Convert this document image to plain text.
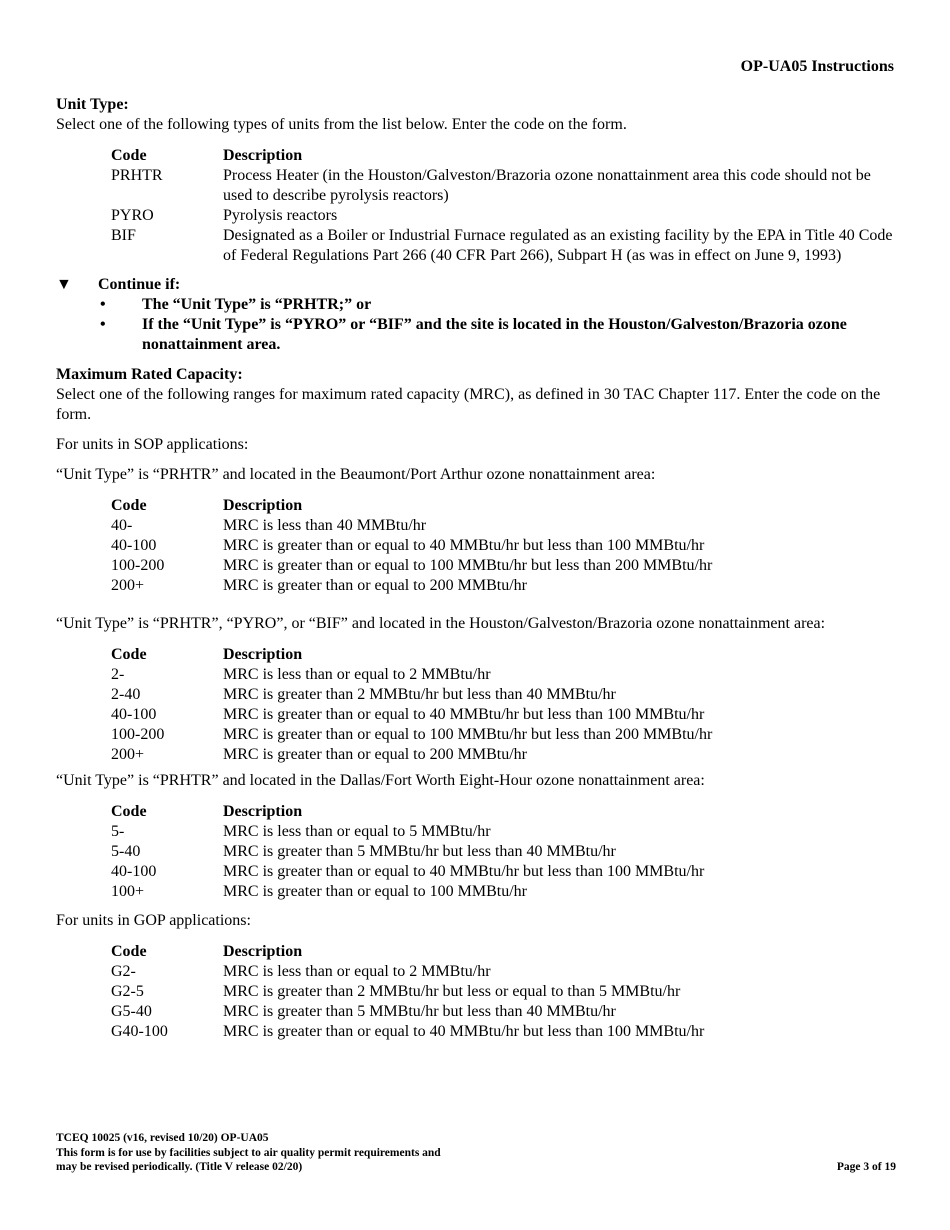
OP-UA05 Instructions
Unit Type:

Select one of the following types of units from the list below. Enter the code on the form.

Code	Description
PRHTR	Process Heater (in the Houston/Galveston/Brazoria ozone nonattainment area this code should not be used to describe pyrolysis reactors)
PYRO	Pyrolysis reactors
BIF	Designated as a Boiler or Industrial Furnace regulated as an existing facility by the EPA in Title 40 Code of Federal Regulations Part 266 (40 CFR Part 266), Subpart H (as was in effect on June 9, 1993)
▼	Continue if:
• The “Unit Type” is “PRHTR;” or
• If the “Unit Type” is “PYRO” or “BIF” and the site is located in the Houston/Galveston/Brazoria ozone nonattainment area.
Maximum Rated Capacity:

Select one of the following ranges for maximum rated capacity (MRC), as defined in 30 TAC Chapter 117. Enter the code on the form.

For units in SOP applications:

“Unit Type” is “PRHTR” and located in the Beaumont/Port Arthur ozone nonattainment area:

Code	Description
40-	MRC is less than 40 MMBtu/hr
40-100	MRC is greater than or equal to 40 MMBtu/hr but less than 100 MMBtu/hr
100-200	MRC is greater than or equal to 100 MMBtu/hr but less than 200 MMBtu/hr
200+	MRC is greater than or equal to 200 MMBtu/hr

“Unit Type” is “PRHTR”, “PYRO”, or “BIF” and located in the Houston/Galveston/Brazoria ozone nonattainment area:

Code	Description
2-	MRC is less than or equal to 2 MMBtu/hr
2-40	MRC is greater than 2 MMBtu/hr but less than 40 MMBtu/hr
40-100	MRC is greater than or equal to 40 MMBtu/hr but less than 100 MMBtu/hr
100-200	MRC is greater than or equal to 100 MMBtu/hr but less than 200 MMBtu/hr
200+	MRC is greater than or equal to 200 MMBtu/hr

“Unit Type” is “PRHTR” and located in the Dallas/Fort Worth Eight-Hour ozone nonattainment area:

Code	Description
5-	MRC is less than or equal to 5 MMBtu/hr
5-40	MRC is greater than 5 MMBtu/hr but less than 40 MMBtu/hr
40-100	MRC is greater than or equal to 40 MMBtu/hr but less than 100 MMBtu/hr
100+	MRC is greater than or equal to 100 MMBtu/hr

For units in GOP applications:

Code	Description
G2-	MRC is less than or equal to 2 MMBtu/hr
G2-5	MRC is greater than 2 MMBtu/hr but less or equal to than 5 MMBtu/hr
G5-40	MRC is greater than 5 MMBtu/hr but less than 40 MMBtu/hr
G40-100	MRC is greater than or equal to 40 MMBtu/hr but less than 100 MMBtu/hr
TCEQ 10025 (v16, revised 10/20) OP-UA05
This form is for use by facilities subject to air quality permit requirements and
may be revised periodically. (Title V release 02/20)	Page 3 of 19
